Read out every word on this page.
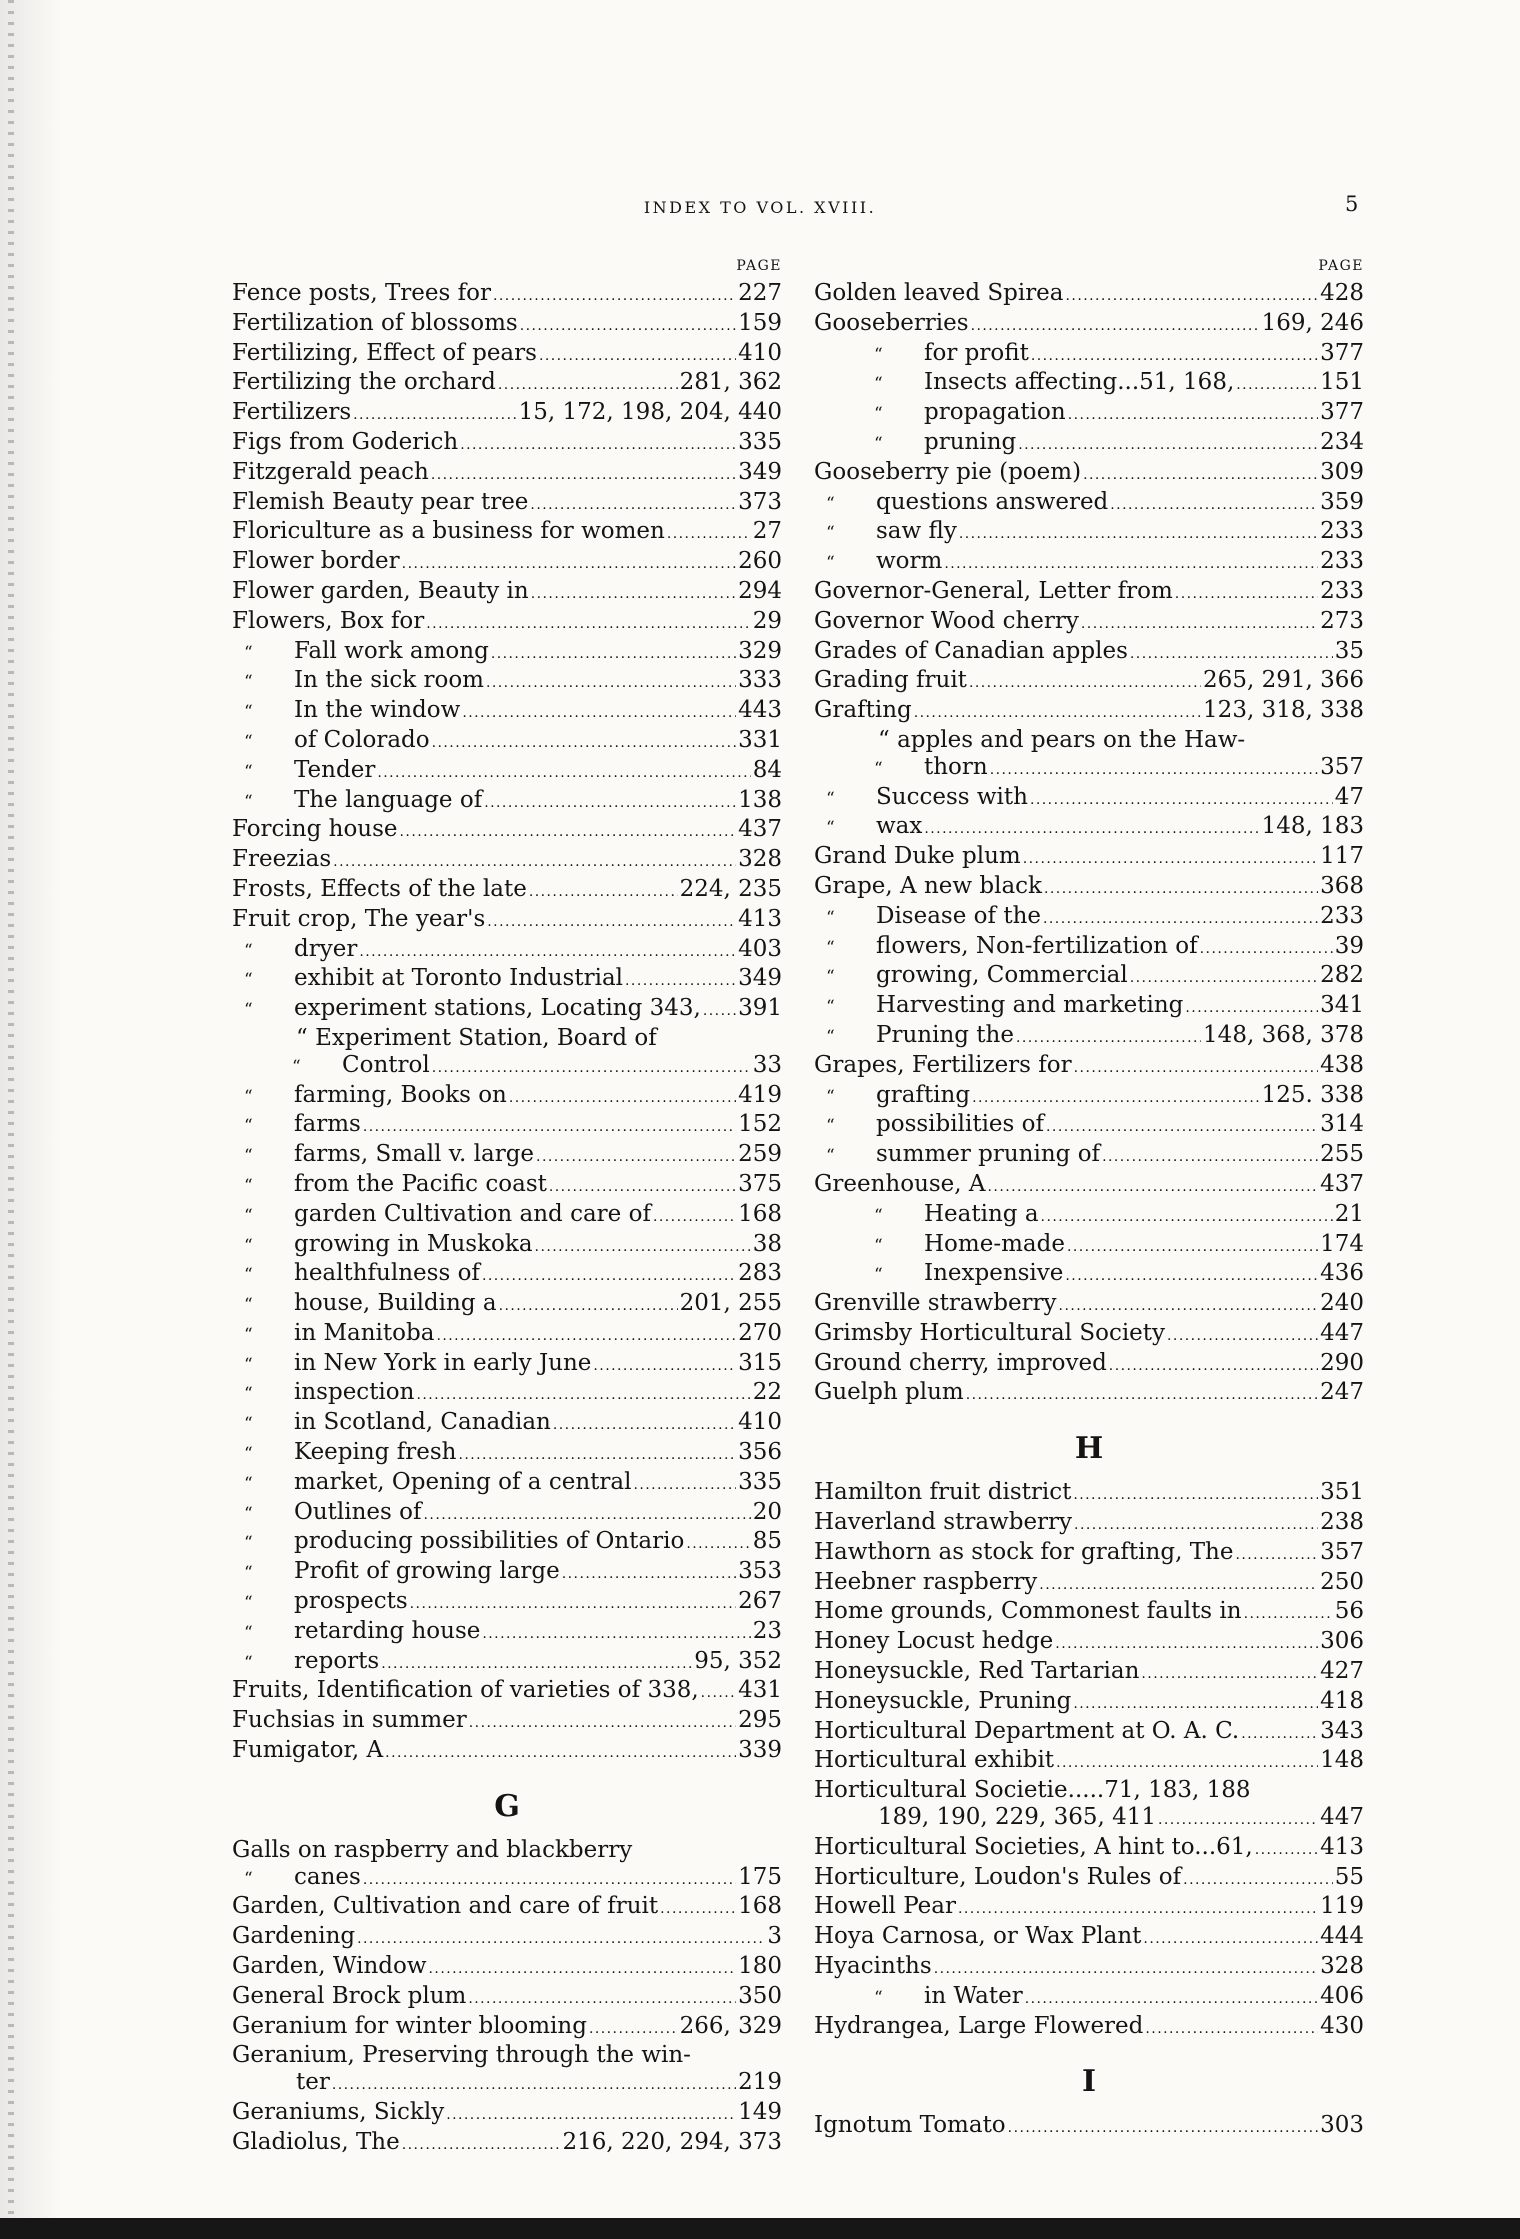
INDEX TO VOL. XVIII.	5
PAGE
Fence posts, Trees for . . .	227
Fertilization of blossoms . . .	159
Fertilizing, Effect of pears . . .	410
Fertilizing the orchard . . .	281, 362
Fertilizers . . .	15, 172, 198, 204, 440
Figs from Goderich . . .	335
Fitzgerald peach . . .	349
Flemish Beauty pear tree . . .	373
Floriculture as a business for women . . .	27
Flower border . . .	260
Flower garden, Beauty in . . .	294
Flowers, Box for . . .	29
“ Fall work among . . .	329
“ In the sick room . . .	333
“ In the window . . .	443
“ of Colorado . . .	331
“ Tender . . .	84
“ The language of . . .	138
Forcing house . . .	437
Freezias . . .	328
Frosts, Effects of the late . . .	224, 235
Fruit crop, The year's . . .	413
“ dryer . . .	403
“ exhibit at Toronto Industrial . . .	349
“ experiment stations, Locating 343, . . . 391
“ Experiment Station, Board of
“ Control . . .	33
“ farming, Books on . . .	419
“ farms . . .	152
“ farms, Small v. large . . .	259
“ from the Pacific coast . . .	375
“ garden Cultivation and care of . . .	168
“ growing in Muskoka . . .	38
“ healthfulness of . . .	283
“ house, Building a . . .	201, 255
“ in Manitoba . . .	270
“ in New York in early June . . .	315
“ inspection . . .	22
“ in Scotland, Canadian . . .	410
“ Keeping fresh . . .	356
“ market, Opening of a central . . .	335
“ Outlines of . . .	20
“ producing possibilities of Ontario . . .	85
“ Profit of growing large . . .	353
“ prospects . . .	267
“ retarding house . . .	23
“ reports . . .	95, 352
Fruits, Identification of varieties of 338, . . . 431
Fuchsias in summer . . .	295
Fumigator, A . . .	339
G
Galls on raspberry and blackberry
“ canes . . .	175
Garden, Cultivation and care of fruit . . .	168
Gardening . . .	3
Garden, Window . . .	180
General Brock plum . . .	350
Geranium for winter blooming . . .	266, 329
Geranium, Preserving through the win-
ter . . .	219
Geraniums, Sickly . . .	149
Gladiolus, The . . .	216, 220, 294, 373
PAGE
Golden leaved Spirea . . .	428
Gooseberries . . .	169, 246
“ for profit . . .	377
“ Insects affecting...51, 168, . . .	151
“ propagation . . .	377
“ pruning . . .	234
Gooseberry pie (poem) . . .	309
“ questions answered . . .	359
“ saw fly . . .	233
“ worm . . .	233
Governor-General, Letter from . . .	233
Governor Wood cherry . . .	273
Grades of Canadian apples . . .	35
Grading fruit . . .	265, 291, 366
Grafting . . .	123, 318, 338
“ apples and pears on the Haw-
“ thorn . . .	357
“ Success with . . .	47
“ wax . . .	148, 183
Grand Duke plum . . .	117
Grape, A new black . . .	368
“ Disease of the . . .	233
“ flowers, Non-fertilization of . . .	39
“ growing, Commercial . . .	282
“ Harvesting and marketing . . .	341
“ Pruning the . . .	148, 368, 378
Grapes, Fertilizers for . . .	438
“ grafting . . .	125. 338
“ possibilities of . . .	314
“ summer pruning of . . .	255
Greenhouse, A . . .	437
“ Heating a . . .	21
“ Home-made . . .	174
“ Inexpensive . . .	436
Grenville strawberry . . .	240
Grimsby Horticultural Society . . .	447
Ground cherry, improved . . .	290
Guelph plum . . .	247
H
Hamilton fruit district . . .	351
Haverland strawberry . . .	238
Hawthorn as stock for grafting, The . . .	357
Heebner raspberry . . .	250
Home grounds, Commonest faults in . . .	56
Honey Locust hedge . . .	306
Honeysuckle, Red Tartarian . . .	427
Honeysuckle, Pruning . . .	418
Horticultural Department at O. A. C. . . .	343
Horticultural exhibit . . .	148
Horticultural Societie.....71, 183, 188
189, 190, 229, 365, 411 . . .	447
Horticultural Societies, A hint to...61, . . .	413
Horticulture, Loudon's Rules of . . .	55
Howell Pear . . .	119
Hoya Carnosa, or Wax Plant . . .	444
Hyacinths . . .	328
“ in Water . . .	406
Hydrangea, Large Flowered . . .	430
I
Ignotum Tomato . . .	303
